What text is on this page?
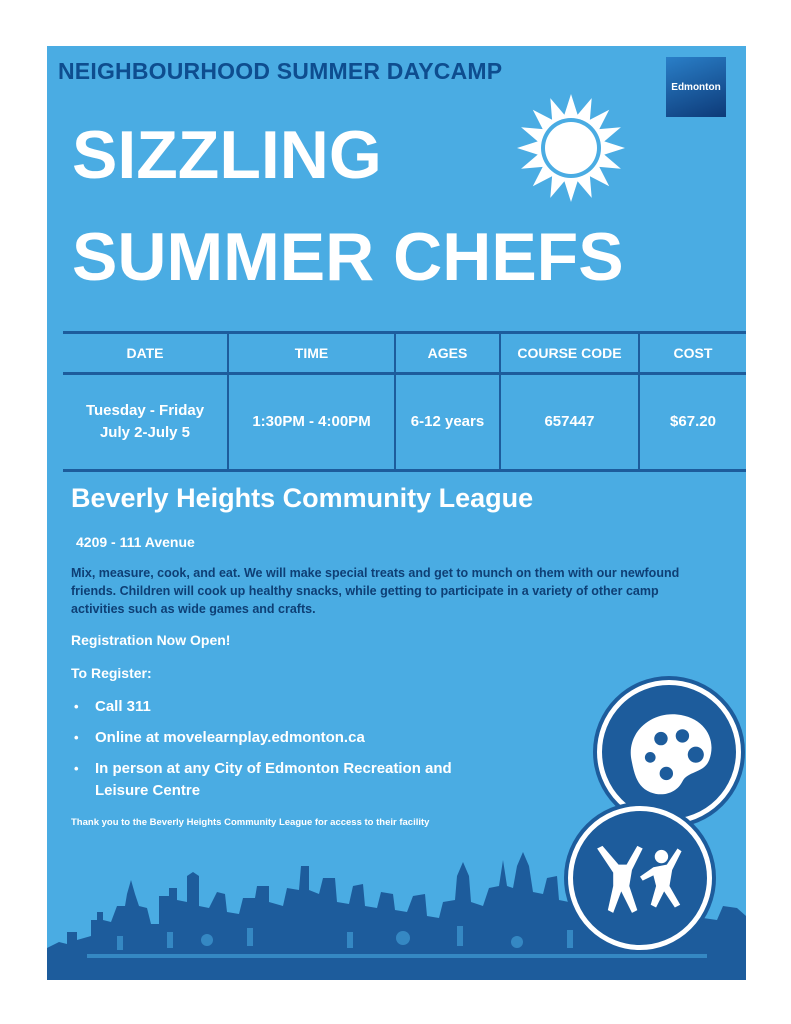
NEIGHBOURHOOD SUMMER DAYCAMP
Edmonton
SIZZLING
SUMMER CHEFS
DATE	TIME	AGES	COURSE CODE	COST
Tuesday - Friday
July 2-July 5	1:30PM - 4:00PM	6-12 years	657447	$67.20
Beverly Heights Community League
4209 - 111 Avenue

Mix, measure, cook, and eat. We will make special treats and get to munch on them with our newfound friends. Children will cook up healthy snacks, while getting to participate in a variety of other camp activities such as wide games and crafts.

Registration Now Open!
To Register:
• Call 311
• Online at movelearnplay.edmonton.ca
• In person at any City of Edmonton Recreation and Leisure Centre
Thank you to the Beverly Heights Community League for access to their facility
